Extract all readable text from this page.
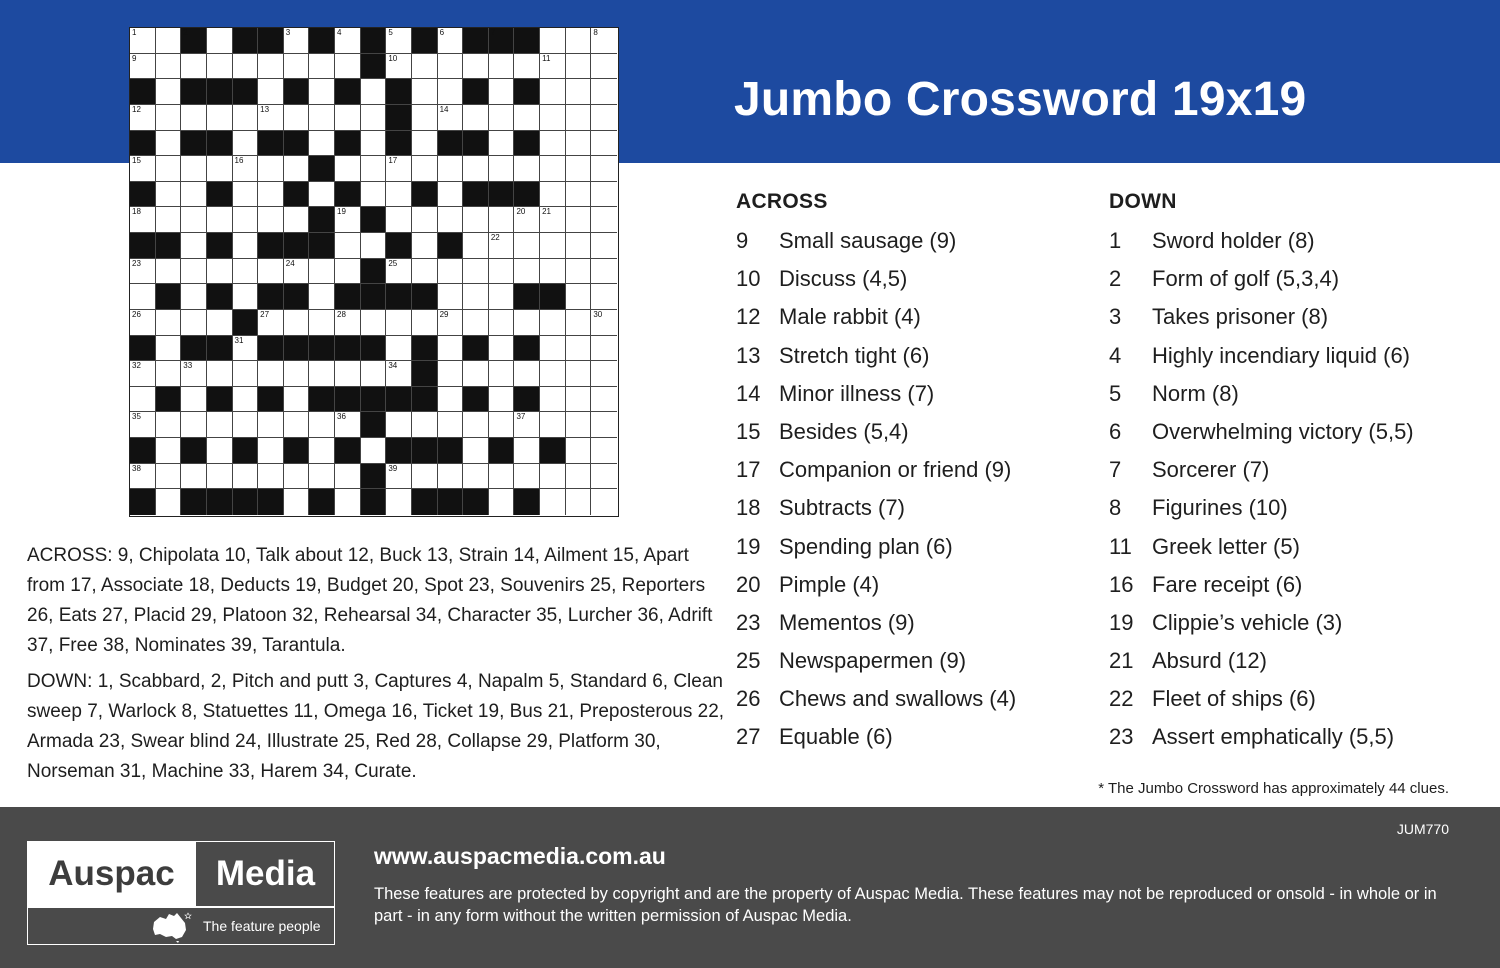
Jumbo Crossword 19x19
1	2	3	4	5	6	7	8
9	10	11
12	13	14
15	16	17
18	19	20 21
22
23	24	25
26	27	28	29	30
31
32	33	34
35	36	37
38	39
ACROSS
9	Small sausage (9)
10 Discuss (4,5)
12 Male rabbit (4)
13 Stretch tight (6)
14 Minor illness (7)
15 Besides (5,4)
17 Companion or friend (9)
18 Subtracts (7)
19 Spending plan (6)
20 Pimple (4)
23 Mementos (9)
25 Newspapermen (9)
26 Chews and swallows (4)
27 Equable (6)
DOWN
1	Sword holder (8)
2	Form of golf (5,3,4)
3	Takes prisoner (8)
4	Highly incendiary liquid (6)
5	Norm (8)
6	Overwhelming victory (5,5)
7	Sorcerer (7)
8	Figurines (10)
11 Greek letter (5)
16 Fare receipt (6)
19 Clippie’s vehicle (3)
21 Absurd (12)
22 Fleet of ships (6)
23 Assert emphatically (5,5)

ACROSS: 9, Chipolata 10, Talk about 12, Buck 13, Strain 14, Ailment 15, Apart from 17, Associate 18, Deducts 19, Budget 20, Spot 23, Souvenirs 25, Reporters 26, Eats 27, Placid 29, Platoon 32, Rehearsal 34, Character 35, Lurcher 36, Adrift 37, Free 38, Nominates 39, Tarantula.

DOWN: 1, Scabbard, 2, Pitch and putt 3, Captures 4, Napalm 5, Standard 6, Clean sweep 7, Warlock 8, Statuettes 11, Omega 16, Ticket 19, Bus 21, Preposterous 22, Armada 23, Swear blind 24, Illustrate 25, Red 28, Collapse 29, Platform 30, Norseman 31, Machine 33, Harem 34, Curate.

* The Jumbo Crossword has approximately 44 clues.
JUM770
Auspac	Media
The feature people
www.auspacmedia.com.au
These features are protected by copyright and are the property of Auspac Media. These features may not be reproduced or onsold - in whole or in part - in any form without the written permission of Auspac Media.
